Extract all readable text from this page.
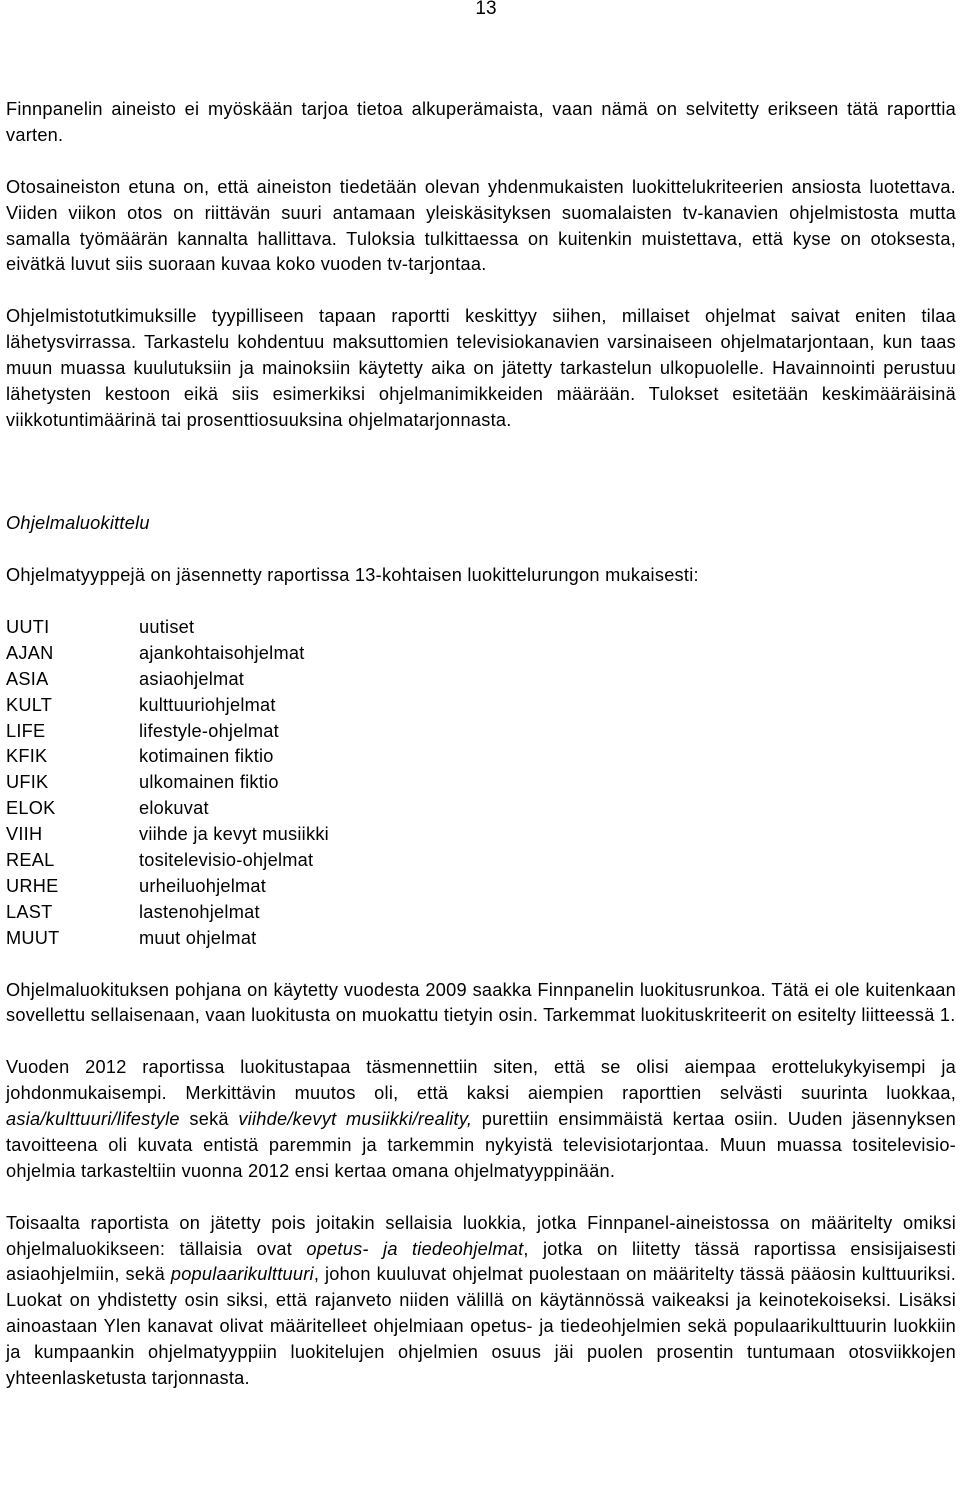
13

Finnpanelin aineisto ei myöskään tarjoa tietoa alkuperämaista, vaan nämä on selvitetty erikseen tätä raporttia varten.

Otosaineiston etuna on, että aineiston tiedetään olevan yhdenmukaisten luokittelukriteerien ansiosta luotettava. Viiden viikon otos on riittävän suuri antamaan yleiskäsityksen suomalaisten tv-kanavien ohjelmistosta mutta samalla työmäärän kannalta hallittava. Tuloksia tulkittaessa on kuitenkin muistettava, että kyse on otoksesta, eivätkä luvut siis suoraan kuvaa koko vuoden tv-tarjontaa.

Ohjelmistotutkimuksille tyypilliseen tapaan raportti keskittyy siihen, millaiset ohjelmat saivat eniten tilaa lähetysvirrassa. Tarkastelu kohdentuu maksuttomien televisiokanavien varsinaiseen ohjelmatarjontaan, kun taas muun muassa kuulutuksiin ja mainoksiin käytetty aika on jätetty tarkastelun ulkopuolelle. Havainnointi perustuu lähetysten kestoon eikä siis esimerkiksi ohjelmanimikkeiden määrään. Tulokset esitetään keskimääräisinä viikkotuntimäärinä tai prosenttiosuuksina ohjelmatarjonnasta.

Ohjelmaluokittelu

Ohjelmatyyppejä on jäsennetty raportissa 13-kohtaisen luokittelurungon mukaisesti:

UUTI	uutiset
AJAN	ajankohtaisohjelmat
ASIA	asiaohjelmat
KULT	kulttuuriohjelmat
LIFE	lifestyle-ohjelmat
KFIK	kotimainen fiktio
UFIK	ulkomainen fiktio
ELOK	elokuvat
VIIH	viihde ja kevyt musiikki
REAL	tositelevisio-ohjelmat
URHE	urheiluohjelmat
LAST	lastenohjelmat
MUUT	muut ohjelmat

Ohjelmaluokituksen pohjana on käytetty vuodesta 2009 saakka Finnpanelin luokitusrunkoa. Tätä ei ole kuitenkaan sovellettu sellaisenaan, vaan luokitusta on muokattu tietyin osin. Tarkemmat luokituskriteerit on esitelty liitteessä 1.

Vuoden 2012 raportissa luokitustapaa täsmennettiin siten, että se olisi aiempaa erottelukykyisempi ja johdonmukaisempi. Merkittävin muutos oli, että kaksi aiempien raporttien selvästi suurinta luokkaa, asia/kulttuuri/lifestyle sekä viihde/kevyt musiikki/reality, purettiin ensimmäistä kertaa osiin. Uuden jäsennyksen tavoitteena oli kuvata entistä paremmin ja tarkemmin nykyistä televisiotarjontaa. Muun muassa tositelevisio-ohjelmia tarkasteltiin vuonna 2012 ensi kertaa omana ohjelmatyyppinään.

Toisaalta raportista on jätetty pois joitakin sellaisia luokkia, jotka Finnpanel-aineistossa on määritelty omiksi ohjelmaluokikseen: tällaisia ovat opetus- ja tiedeohjelmat, jotka on liitetty tässä raportissa ensisijaisesti asiaohjelmiin, sekä populaarikulttuuri, johon kuuluvat ohjelmat puolestaan on määritelty tässä pääosin kulttuuriksi. Luokat on yhdistetty osin siksi, että rajanveto niiden välillä on käytännössä vaikeaksi ja keinotekoiseksi. Lisäksi ainoastaan Ylen kanavat olivat määritelleet ohjelmiaan opetus- ja tiedeohjelmien sekä populaarikulttuurin luokkiin ja kumpaankin ohjelmatyyppiin luokitelujen ohjelmien osuus jäi puolen prosentin tuntumaan otosviikkojen yhteenlasketusta tarjonnasta.
